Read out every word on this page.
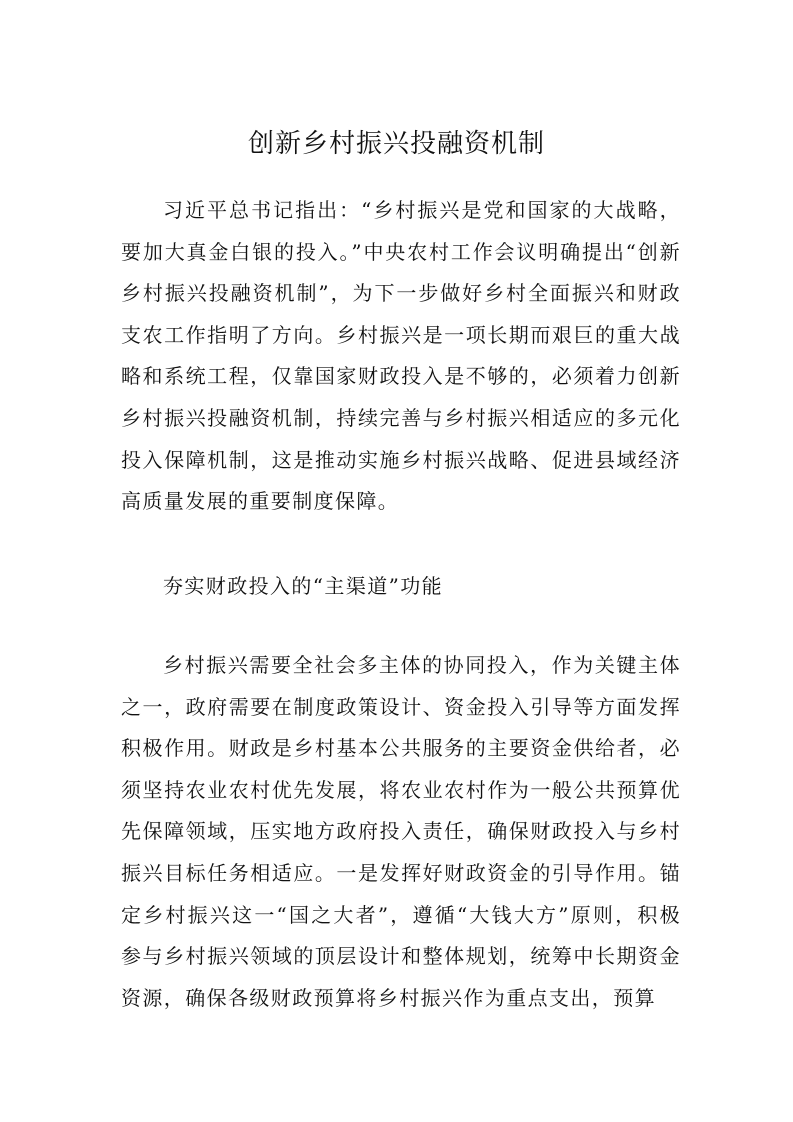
创新乡村振兴投融资机制

习近平总书记指出：“乡村振兴是党和国家的大战略，要加大真金白银的投入。”中央农村工作会议明确提出“创新乡村振兴投融资机制”，为下一步做好乡村全面振兴和财政支农工作指明了方向。乡村振兴是一项长期而艰巨的重大战略和系统工程，仅靠国家财政投入是不够的，必须着力创新乡村振兴投融资机制，持续完善与乡村振兴相适应的多元化投入保障机制，这是推动实施乡村振兴战略、促进县域经济高质量发展的重要制度保障。

夯实财政投入的“主渠道”功能

乡村振兴需要全社会多主体的协同投入，作为关键主体之一，政府需要在制度政策设计、资金投入引导等方面发挥积极作用。财政是乡村基本公共服务的主要资金供给者，必须坚持农业农村优先发展，将农业农村作为一般公共预算优先保障领域，压实地方政府投入责任，确保财政投入与乡村振兴目标任务相适应。一是发挥好财政资金的引导作用。锚定乡村振兴这一“国之大者”，遵循“大钱大方”原则，积极参与乡村振兴领域的顶层设计和整体规划，统筹中长期资金资源，确保各级财政预算将乡村振兴作为重点支出，预算
